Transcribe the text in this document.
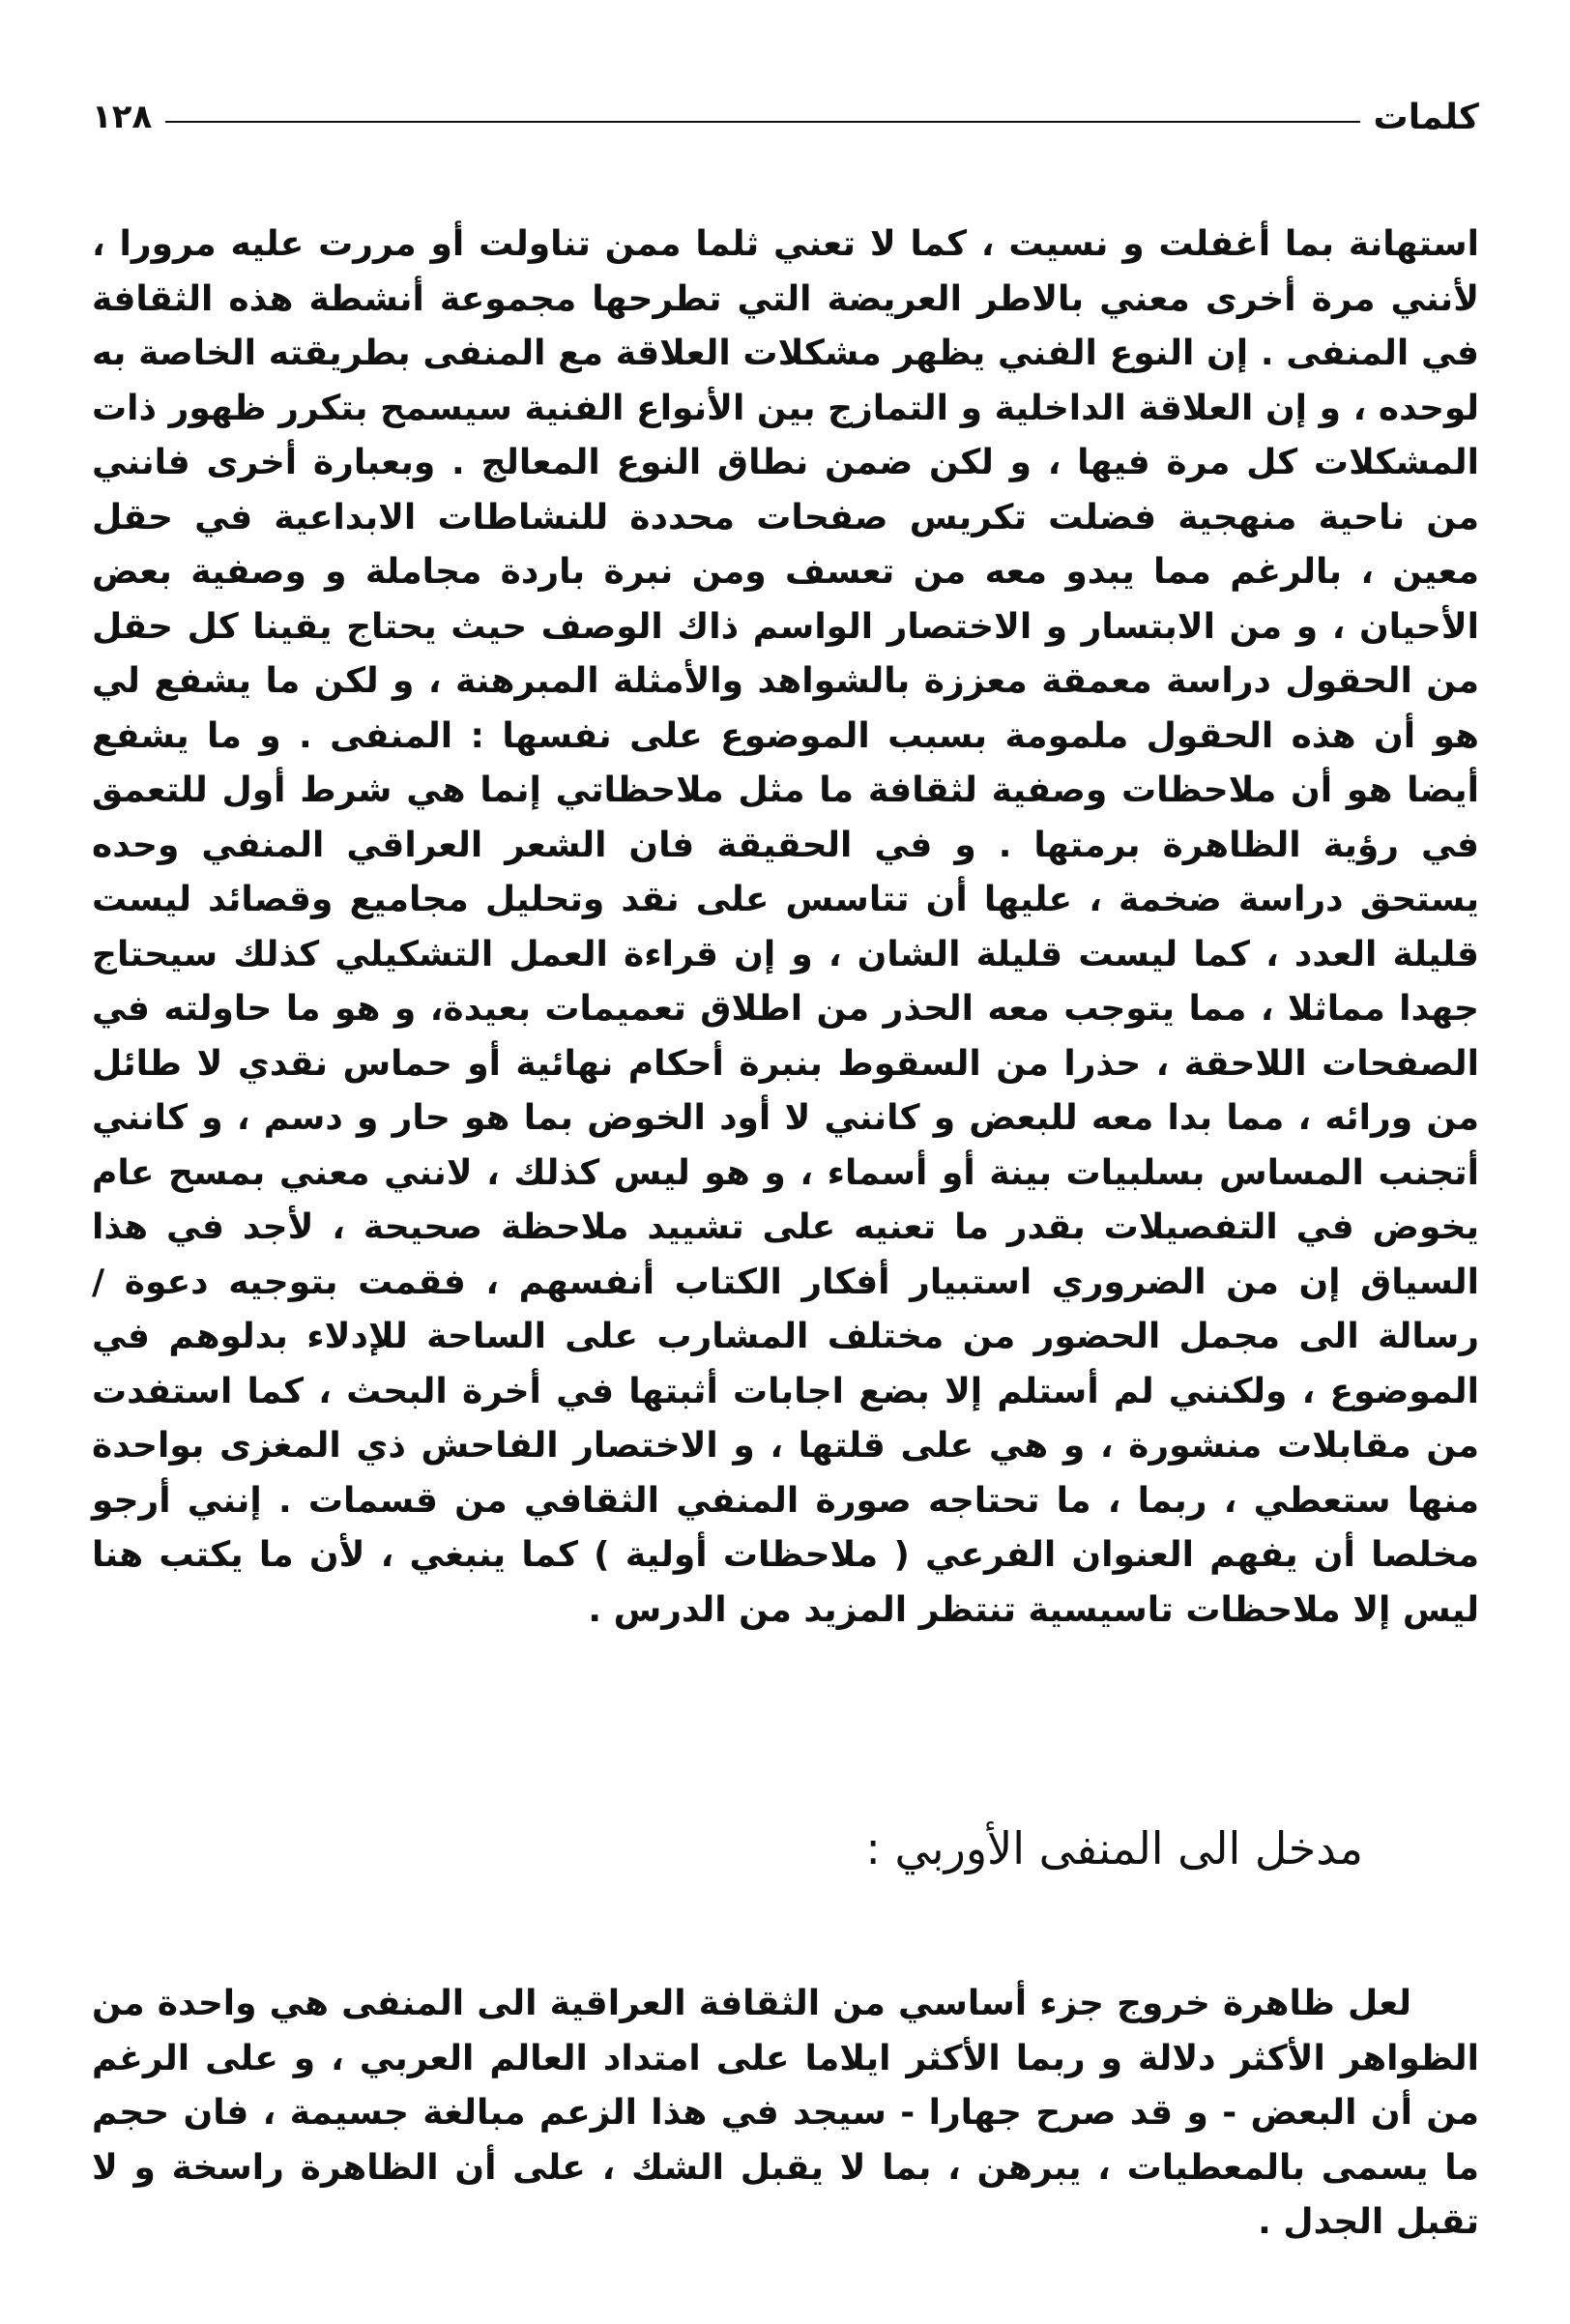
كلمات
١٢٨

استهانة بما أغفلت و نسيت ، كما لا تعني ثلما ممن تناولت أو مررت عليه مرورا ، لأنني مرة أخرى معني بالاطر العريضة التي تطرحها مجموعة أنشطة هذه الثقافة في المنفى . إن النوع الفني يظهر مشكلات العلاقة مع المنفى بطريقته الخاصة به لوحده ، و إن العلاقة الداخلية و التمازج بين الأنواع الفنية سيسمح بتكرر ظهور ذات المشكلات كل مرة فيها ، و لكن ضمن نطاق النوع المعالج . وبعبارة أخرى فانني من ناحية منهجية فضلت تكريس صفحات محددة للنشاطات الابداعية في حقل معين ، بالرغم مما يبدو معه من تعسف ومن نبرة باردة مجاملة و وصفية بعض الأحيان ، و من الابتسار و الاختصار الواسم ذاك الوصف حيث يحتاج يقينا كل حقل من الحقول دراسة معمقة معززة بالشواهد والأمثلة المبرهنة ، و لكن ما يشفع لي هو أن هذه الحقول ملمومة بسبب الموضوع على نفسها : المنفى . و ما يشفع أيضا هو أن ملاحظات وصفية لثقافة ما مثل ملاحظاتي إنما هي شرط أول للتعمق في رؤية الظاهرة برمتها . و في الحقيقة فان الشعر العراقي المنفي وحده يستحق دراسة ضخمة ، عليها أن تتاسس على نقد وتحليل مجاميع وقصائد ليست قليلة العدد ، كما ليست قليلة الشان ، و إن قراءة العمل التشكيلي كذلك سيحتاج جهدا مماثلا ، مما يتوجب معه الحذر من اطلاق تعميمات بعيدة، و هو ما حاولته في الصفحات اللاحقة ، حذرا من السقوط بنبرة أحكام نهائية أو حماس نقدي لا طائل من ورائه ، مما بدا معه للبعض و كانني لا أود الخوض بما هو حار و دسم ، و كانني أتجنب المساس بسلبيات بينة أو أسماء ، و هو ليس كذلك ، لانني معني بمسح عام يخوض في التفصيلات بقدر ما تعنيه على تشييد ملاحظة صحيحة ، لأجد في هذا السياق إن من الضروري استبيار أفكار الكتاب أنفسهم ، فقمت بتوجيه دعوة / رسالة الى مجمل الحضور من مختلف المشارب على الساحة للإدلاء بدلوهم في الموضوع ، ولكنني لم أستلم إلا بضع اجابات أثبتها في أخرة البحث ، كما استفدت من مقابلات منشورة ، و هي على قلتها ، و الاختصار الفاحش ذي المغزى بواحدة منها ستعطي ، ربما ، ما تحتاجه صورة المنفي الثقافي من قسمات . إنني أرجو مخلصا أن يفهم العنوان الفرعي ( ملاحظات أولية ) كما ينبغي ، لأن ما يكتب هنا ليس إلا ملاحظات تاسيسية تنتظر المزيد من الدرس .

مدخل الى المنفى الأوربي :

لعل ظاهرة خروج جزء أساسي من الثقافة العراقية الى المنفى هي واحدة من الظواهر الأكثر دلالة و ربما الأكثر ايلاما على امتداد العالم العربي ، و على الرغم من أن البعض - و قد صرح جهارا - سيجد في هذا الزعم مبالغة جسيمة ، فان حجم ما يسمى بالمعطيات ، يبرهن ، بما لا يقبل الشك ، على أن الظاهرة راسخة و لا تقبل الجدل .
